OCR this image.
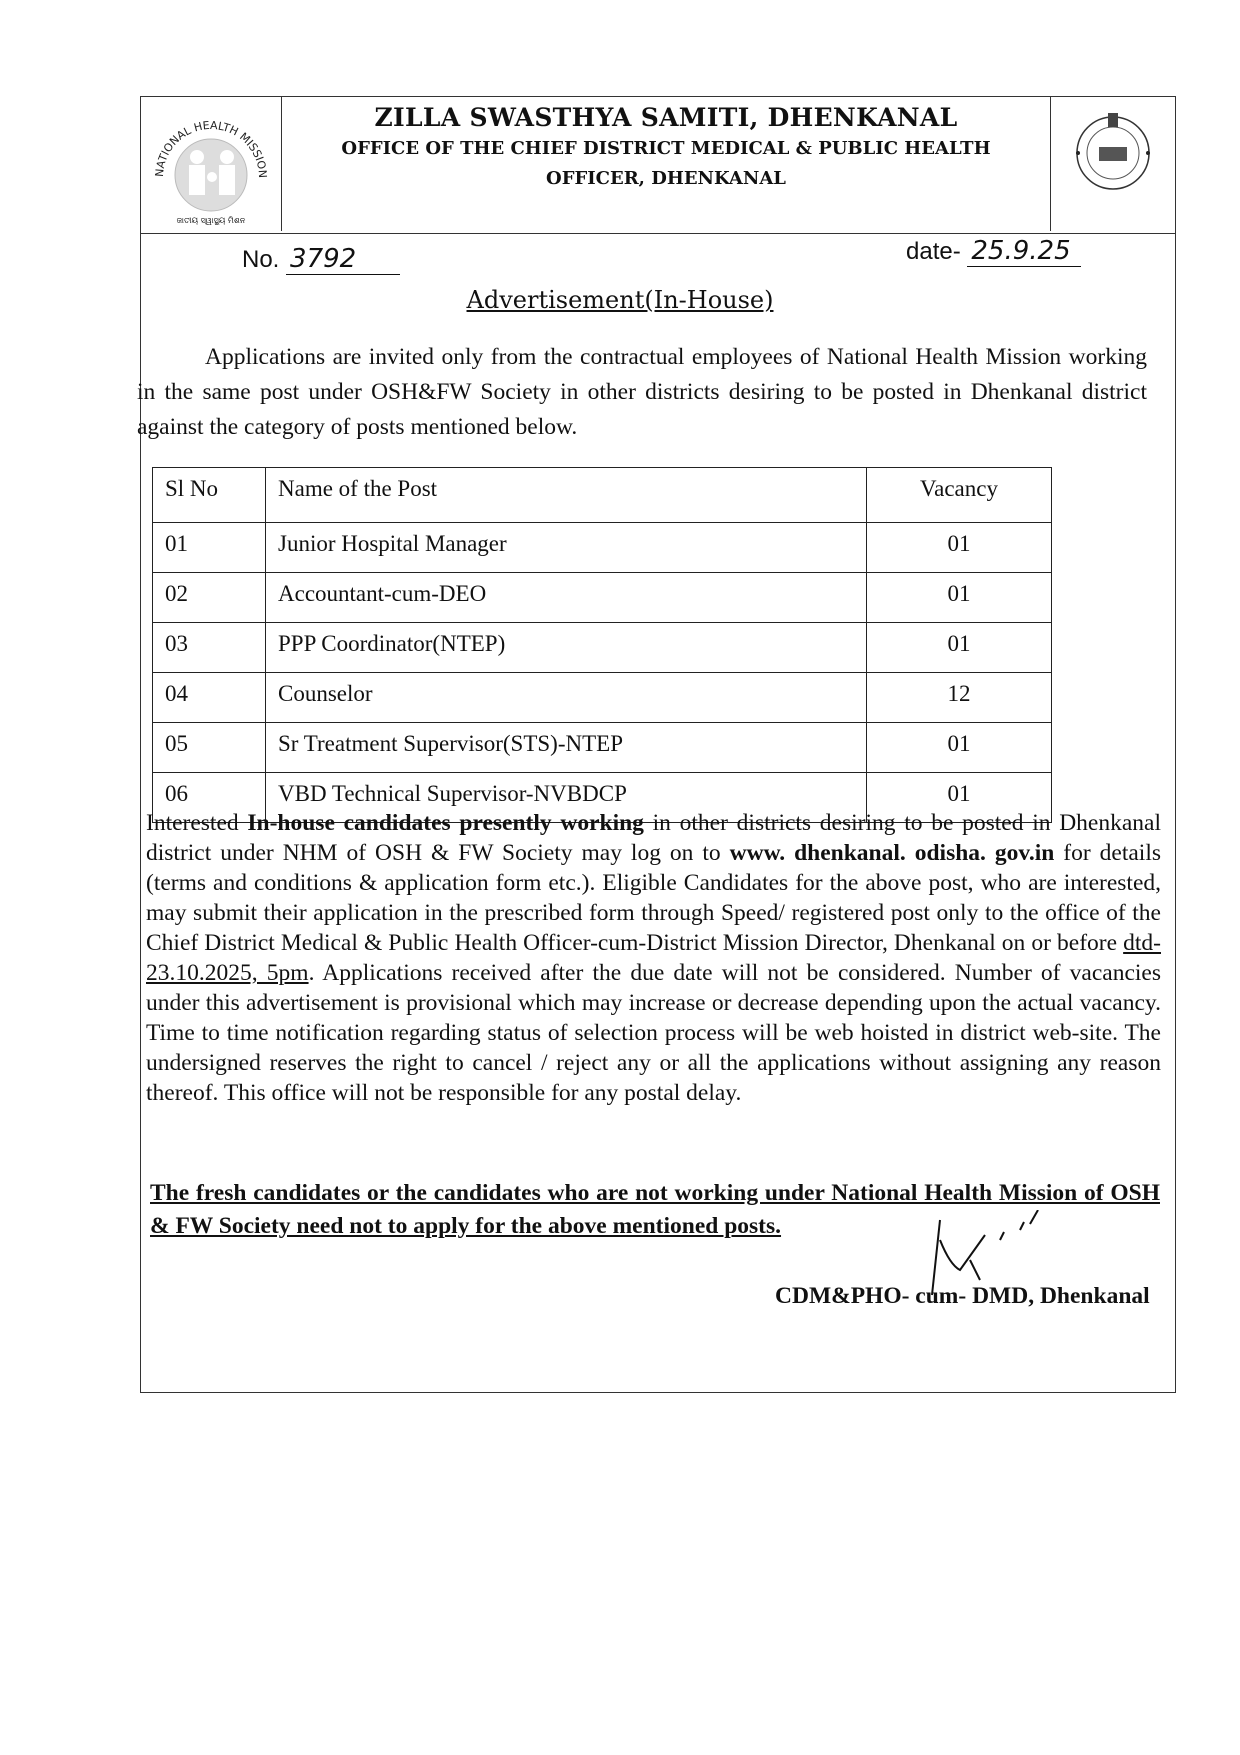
NATIONAL HEALTH MISSION
ଜାତୀୟ ସ୍ୱାସ୍ଥ୍ୟ ମିଶନ
ZILLA SWASTHYA SAMITI, DHENKANAL
OFFICE OF THE CHIEF DISTRICT MEDICAL & PUBLIC HEALTH
OFFICER, DHENKANAL
No. 3792	date- 25.9.25
Advertisement(In-House)
Applications are invited only from the contractual employees of National Health Mission working in the same post under OSH&FW Society in other districts desiring to be posted in Dhenkanal district against the category of posts mentioned below.
Sl No	Name of the Post	Vacancy
01	Junior Hospital Manager	01
02	Accountant-cum-DEO	01
03	PPP Coordinator(NTEP)	01
04	Counselor	12
05	Sr Treatment Supervisor(STS)-NTEP	01
06	VBD Technical Supervisor-NVBDCP	01
Interested In-house candidates presently working in other districts desiring to be posted in Dhenkanal district under NHM of OSH & FW Society may log on to www. dhenkanal. odisha. gov.in for details (terms and conditions & application form etc.). Eligible Candidates for the above post, who are interested, may submit their application in the prescribed form through Speed/ registered post only to the office of the Chief District Medical & Public Health Officer-cum-District Mission Director, Dhenkanal on or before dtd-23.10.2025, 5pm. Applications received after the due date will not be considered. Number of vacancies under this advertisement is provisional which may increase or decrease depending upon the actual vacancy. Time to time notification regarding status of selection process will be web hoisted in district web-site. The undersigned reserves the right to cancel / reject any or all the applications without assigning any reason thereof. This office will not be responsible for any postal delay.
The fresh candidates or the candidates who are not working under National Health Mission of OSH & FW Society need not to apply for the above mentioned posts.
CDM&PHO- cum- DMD, Dhenkanal
